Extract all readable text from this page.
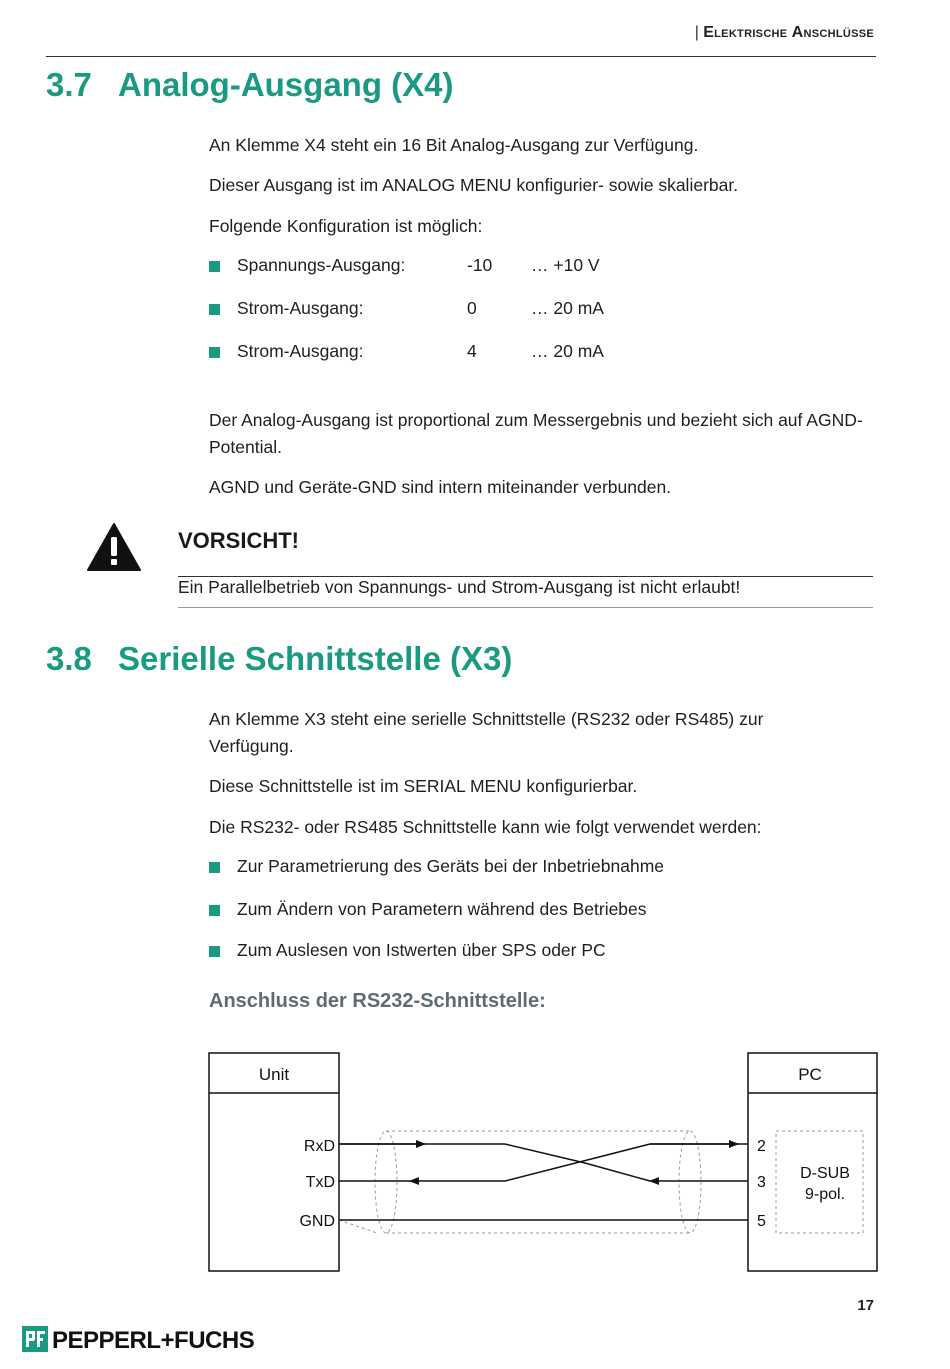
| Elektrische Anschlüsse
3.7 Analog-Ausgang (X4)
An Klemme X4 steht ein 16 Bit Analog-Ausgang zur Verfügung.
Dieser Ausgang ist im ANALOG MENU konfigurier- sowie skalierbar.
Folgende Konfiguration ist möglich:
Spannungs-Ausgang:	-10 … +10 V
Strom-Ausgang:	0	… 20 mA
Strom-Ausgang:	4	… 20 mA
Der Analog-Ausgang ist proportional zum Messergebnis und bezieht sich auf AGND-Potential.
AGND und Geräte-GND sind intern miteinander verbunden.
VORSICHT!
Ein Parallelbetrieb von Spannungs- und Strom-Ausgang ist nicht erlaubt!
3.8 Serielle Schnittstelle (X3)
An Klemme X3 steht eine serielle Schnittstelle (RS232 oder RS485) zur Verfügung.
Diese Schnittstelle ist im SERIAL MENU konfigurierbar.
Die RS232- oder RS485 Schnittstelle kann wie folgt verwendet werden:
Zur Parametrierung des Geräts bei der Inbetriebnahme
Zum Ändern von Parametern während des Betriebes
Zum Auslesen von Istwerten über SPS oder PC
Anschluss der RS232-Schnittstelle:
Unit	PC
RxD
TxD
GND
2
3
5
D-SUB
9-pol.
17
PEPPERL+FUCHS
